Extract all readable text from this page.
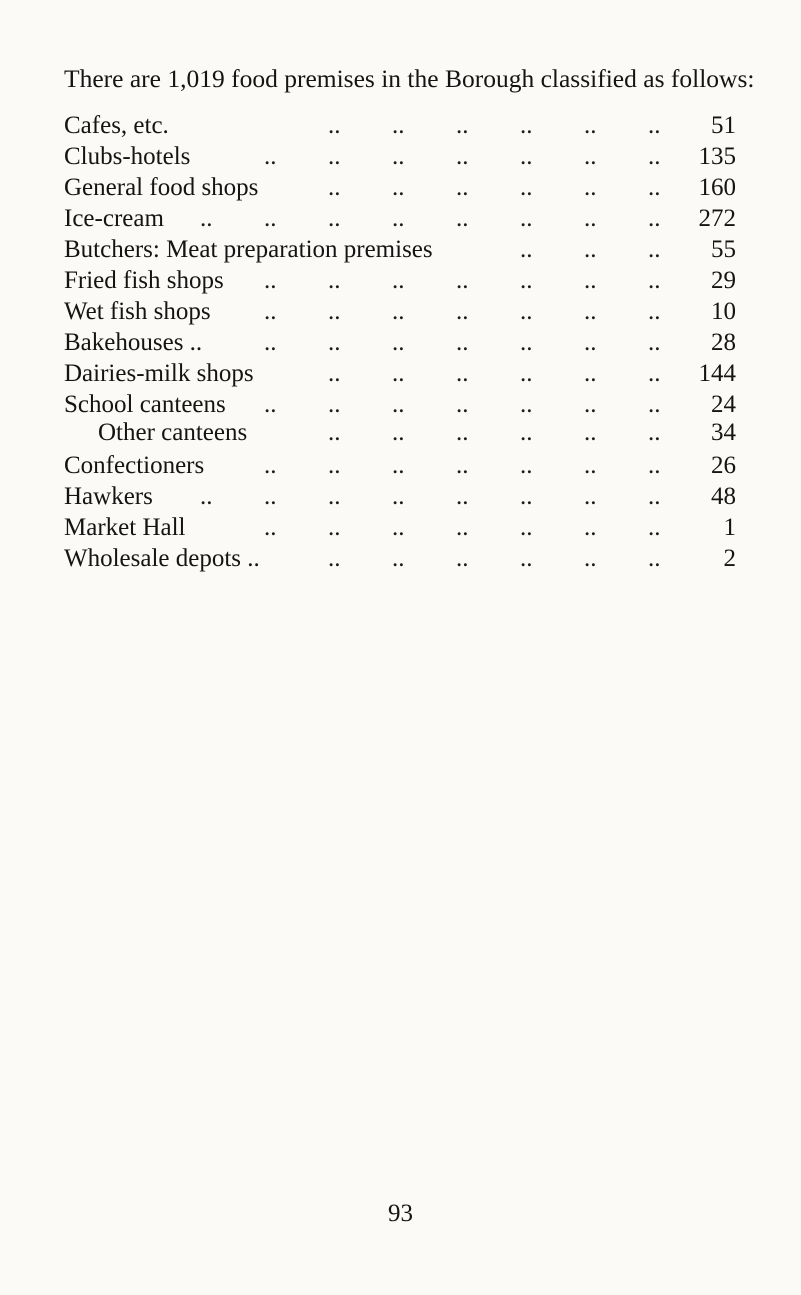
There are 1,019 food premises in the Borough classified as follows:
Cafes, etc.	51
.. .. .. .. .. ..
Clubs-hotels	135
.. .. .. .. .. .. ..
General food shops	160
.. .. .. .. .. ..
Ice-cream	272
.. .. .. .. .. .. .. ..
Butchers: Meat preparation premises	55
.. .. ..
Fried fish shops	29
.. .. .. .. .. .. ..
Wet fish shops	10
.. .. .. .. .. .. ..
Bakehouses ..	28
.. .. .. .. .. .. ..
Dairies-milk shops	144
.. .. .. .. .. ..
School canteens	24
.. .. .. .. .. .. ..
Other canteens	34
.. .. .. .. .. ..
Confectioners	26
.. .. .. .. .. .. ..
Hawkers	48
.. .. .. .. .. .. .. ..
Market Hall	1
.. .. .. .. .. .. ..
Wholesale depots ..	2
.. .. .. .. .. ..
93
